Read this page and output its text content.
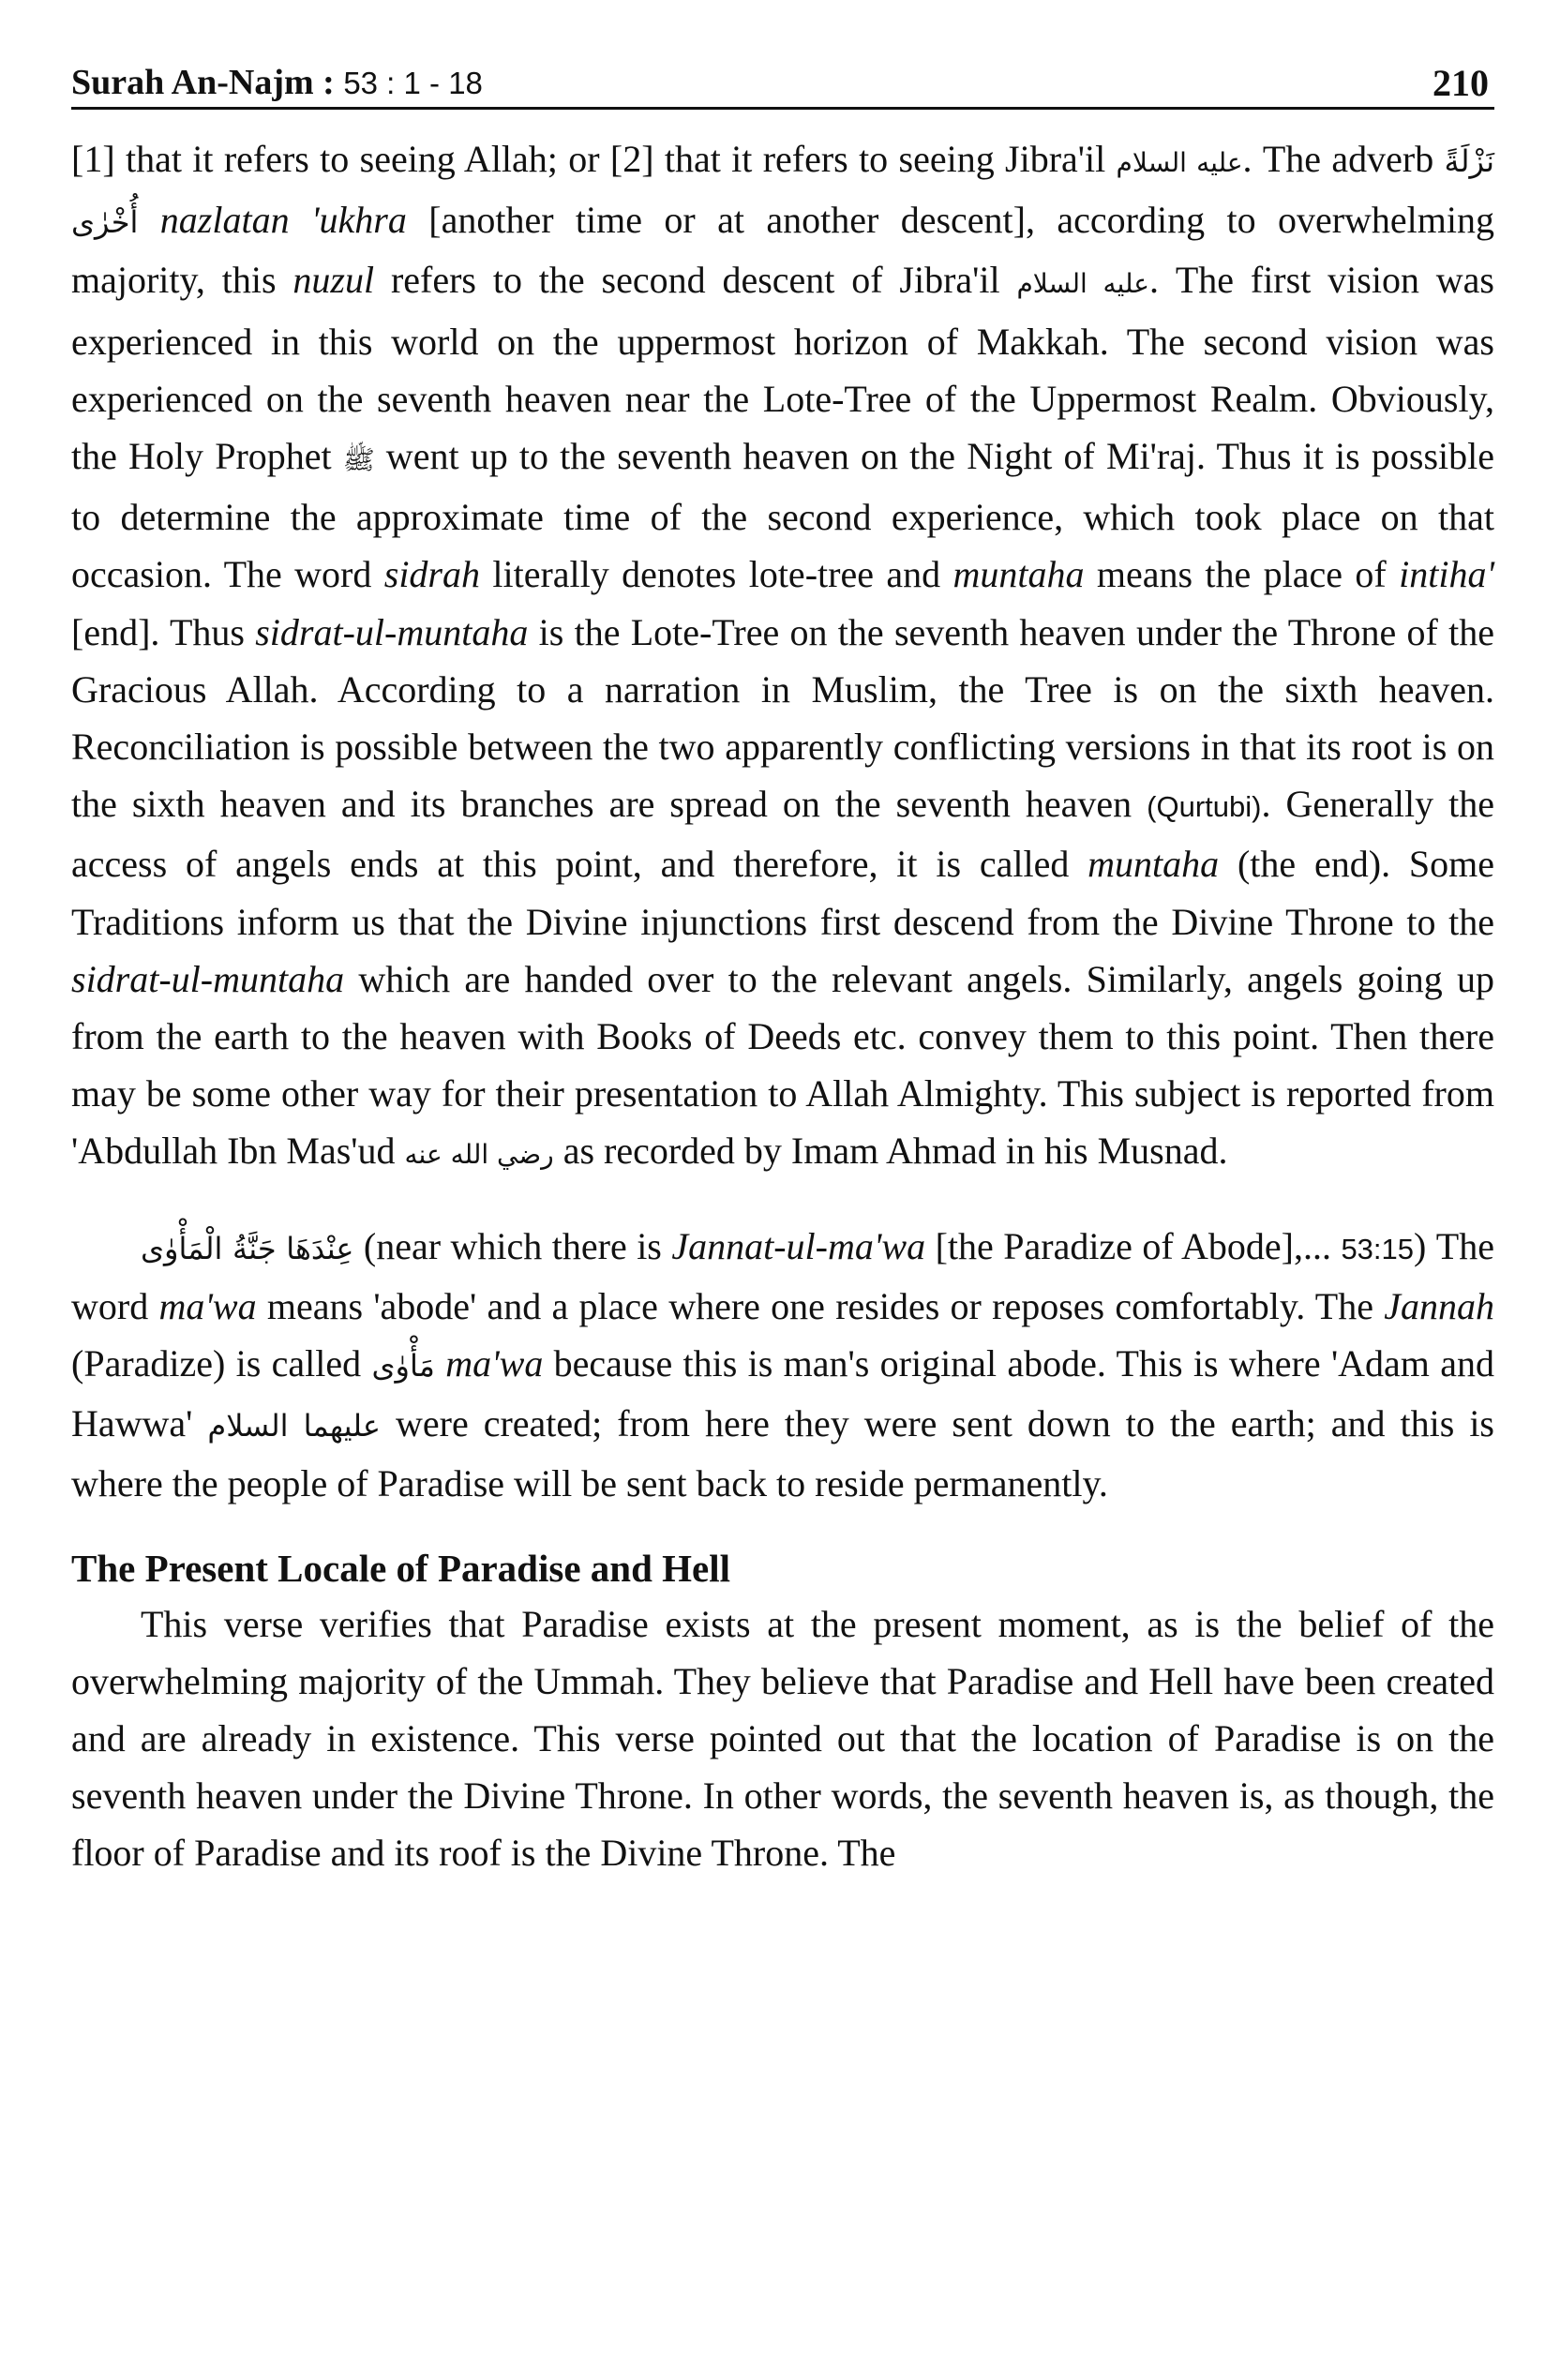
Surah An-Najm : 53 : 1 - 18	210

[1] that it refers to seeing Allah; or [2] that it refers to seeing Jibra'il عليه السلام. The adverb نَزْلَةً أُخْرٰى nazlatan 'ukhra [another time or at another descent], according to overwhelming majority, this nuzul refers to the second descent of Jibra'il عليه السلام. The first vision was experienced in this world on the uppermost horizon of Makkah. The second vision was experienced on the seventh heaven near the Lote-Tree of the Uppermost Realm. Obviously, the Holy Prophet ﷺ went up to the seventh heaven on the Night of Mi'raj. Thus it is possible to determine the approximate time of the second experience, which took place on that occasion. The word sidrah literally denotes lote-tree and muntaha means the place of intiha' [end]. Thus sidrat-ul-muntaha is the Lote-Tree on the seventh heaven under the Throne of the Gracious Allah. According to a narration in Muslim, the Tree is on the sixth heaven. Reconciliation is possible between the two apparently conflicting versions in that its root is on the sixth heaven and its branches are spread on the seventh heaven (Qurtubi). Generally the access of angels ends at this point, and therefore, it is called muntaha (the end). Some Traditions inform us that the Divine injunctions first descend from the Divine Throne to the sidrat-ul-muntaha which are handed over to the relevant angels. Similarly, angels going up from the earth to the heaven with Books of Deeds etc. convey them to this point. Then there may be some other way for their presentation to Allah Almighty. This subject is reported from 'Abdullah Ibn Mas'ud رضي الله عنه as recorded by Imam Ahmad in his Musnad.

عِنْدَهَا جَنَّةُ الْمَأْوٰى (near which there is Jannat-ul-ma'wa [the Paradize of Abode],... 53:15) The word ma'wa means 'abode' and a place where one resides or reposes comfortably. The Jannah (Paradize) is called مَأْوٰى ma'wa because this is man's original abode. This is where 'Adam and Hawwa' عليهما السلام were created; from here they were sent down to the earth; and this is where the people of Paradise will be sent back to reside permanently.

The Present Locale of Paradise and Hell

This verse verifies that Paradise exists at the present moment, as is the belief of the overwhelming majority of the Ummah. They believe that Paradise and Hell have been created and are already in existence. This verse pointed out that the location of Paradise is on the seventh heaven under the Divine Throne. In other words, the seventh heaven is, as though, the floor of Paradise and its roof is the Divine Throne. The
